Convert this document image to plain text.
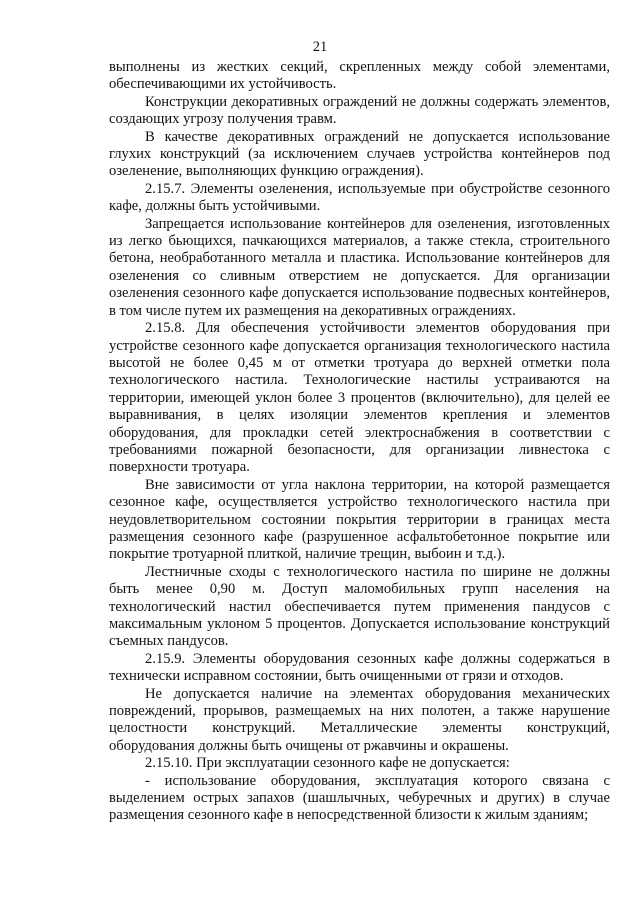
21

выполнены из жестких секций, скрепленных между собой элементами, обеспечивающими их устойчивость.

Конструкции декоративных ограждений не должны содержать элементов, создающих угрозу получения травм.

В качестве декоративных ограждений не допускается использование глухих конструкций (за исключением случаев устройства контейнеров под озеленение, выполняющих функцию ограждения).

2.15.7. Элементы озеленения, используемые при обустройстве сезонного кафе, должны быть устойчивыми.

Запрещается использование контейнеров для озеленения, изготовленных из легко бьющихся, пачкающихся материалов, а также стекла, строительного бетона, необработанного металла и пластика. Использование контейнеров для озеленения со сливным отверстием не допускается. Для организации озеленения сезонного кафе допускается использование подвесных контейнеров, в том числе путем их размещения на декоративных ограждениях.

2.15.8. Для обеспечения устойчивости элементов оборудования при устройстве сезонного кафе допускается организация технологического настила высотой не более 0,45 м от отметки тротуара до верхней отметки пола технологического настила. Технологические настилы устраиваются на территории, имеющей уклон более 3 процентов (включительно), для целей ее выравнивания, в целях изоляции элементов крепления и элементов оборудования, для прокладки сетей электроснабжения в соответствии с требованиями пожарной безопасности, для организации ливнестока с поверхности тротуара.

Вне зависимости от угла наклона территории, на которой размещается сезонное кафе, осуществляется устройство технологического настила при неудовлетворительном состоянии покрытия территории в границах места размещения сезонного кафе (разрушенное асфальтобетонное покрытие или покрытие тротуарной плиткой, наличие трещин, выбоин и т.д.).

Лестничные сходы с технологического настила по ширине не должны быть менее 0,90 м. Доступ маломобильных групп населения на технологический настил обеспечивается путем применения пандусов с максимальным уклоном 5 процентов. Допускается использование конструкций съемных пандусов.

2.15.9. Элементы оборудования сезонных кафе должны содержаться в технически исправном состоянии, быть очищенными от грязи и отходов.

Не допускается наличие на элементах оборудования механических повреждений, прорывов, размещаемых на них полотен, а также нарушение целостности конструкций. Металлические элементы конструкций, оборудования должны быть очищены от ржавчины и окрашены.

2.15.10. При эксплуатации сезонного кафе не допускается:

- использование оборудования, эксплуатация которого связана с выделением острых запахов (шашлычных, чебуречных и других) в случае размещения сезонного кафе в непосредственной близости к жилым зданиям;
